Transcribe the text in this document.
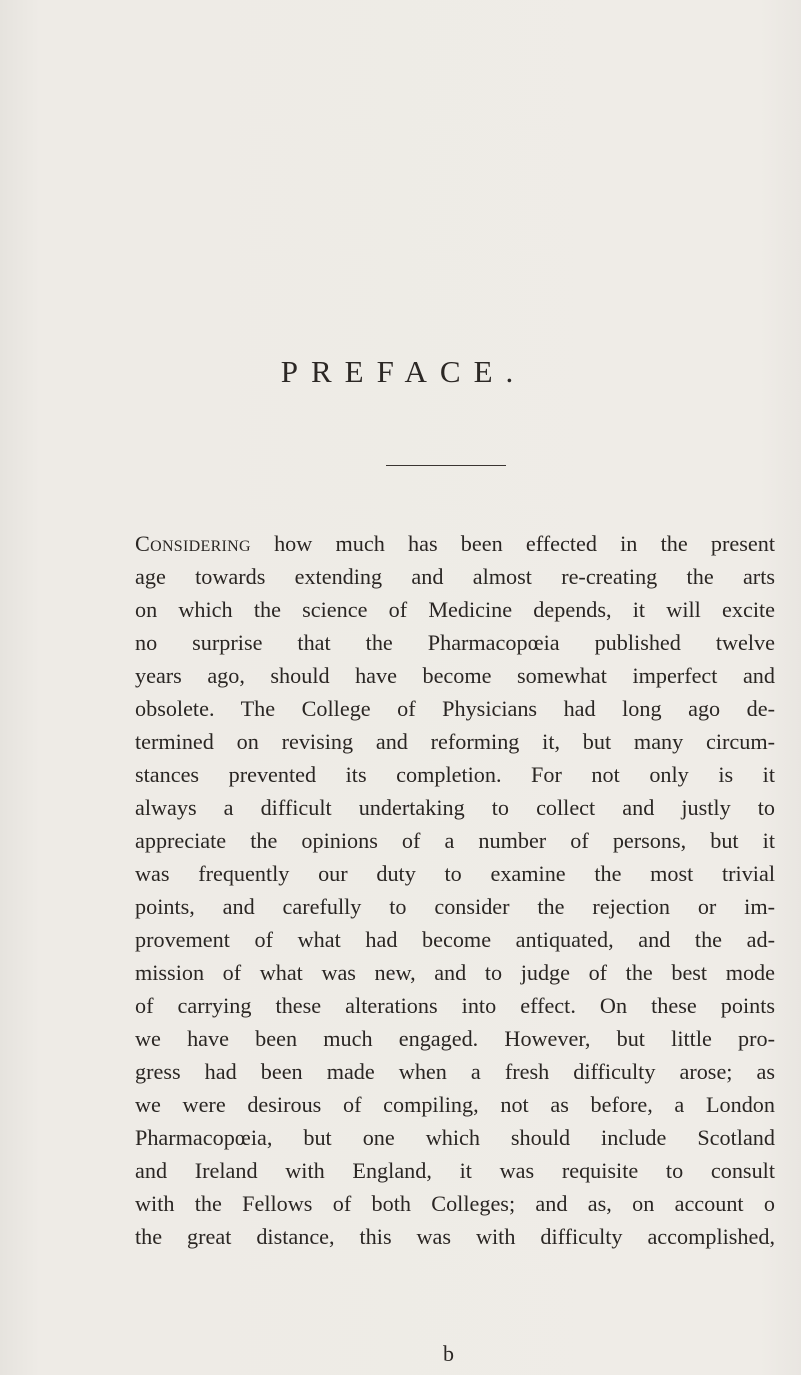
PREFACE.
Considering how much has been effected in the present
age towards extending and almost re-creating the arts
on which the science of Medicine depends, it will excite
no surprise that the Pharmacopœia published twelve
years ago, should have become somewhat imperfect and
obsolete. The College of Physicians had long ago de-
termined on revising and reforming it, but many circum-
stances prevented its completion. For not only is it
always a difficult undertaking to collect and justly to
appreciate the opinions of a number of persons, but it
was frequently our duty to examine the most trivial
points, and carefully to consider the rejection or im-
provement of what had become antiquated, and the ad-
mission of what was new, and to judge of the best mode
of carrying these alterations into effect. On these points
we have been much engaged. However, but little pro-
gress had been made when a fresh difficulty arose; as
we were desirous of compiling, not as before, a London
Pharmacopœia, but one which should include Scotland
and Ireland with England, it was requisite to consult
with the Fellows of both Colleges; and as, on account o
the great distance, this was with difficulty accomplished,
b
